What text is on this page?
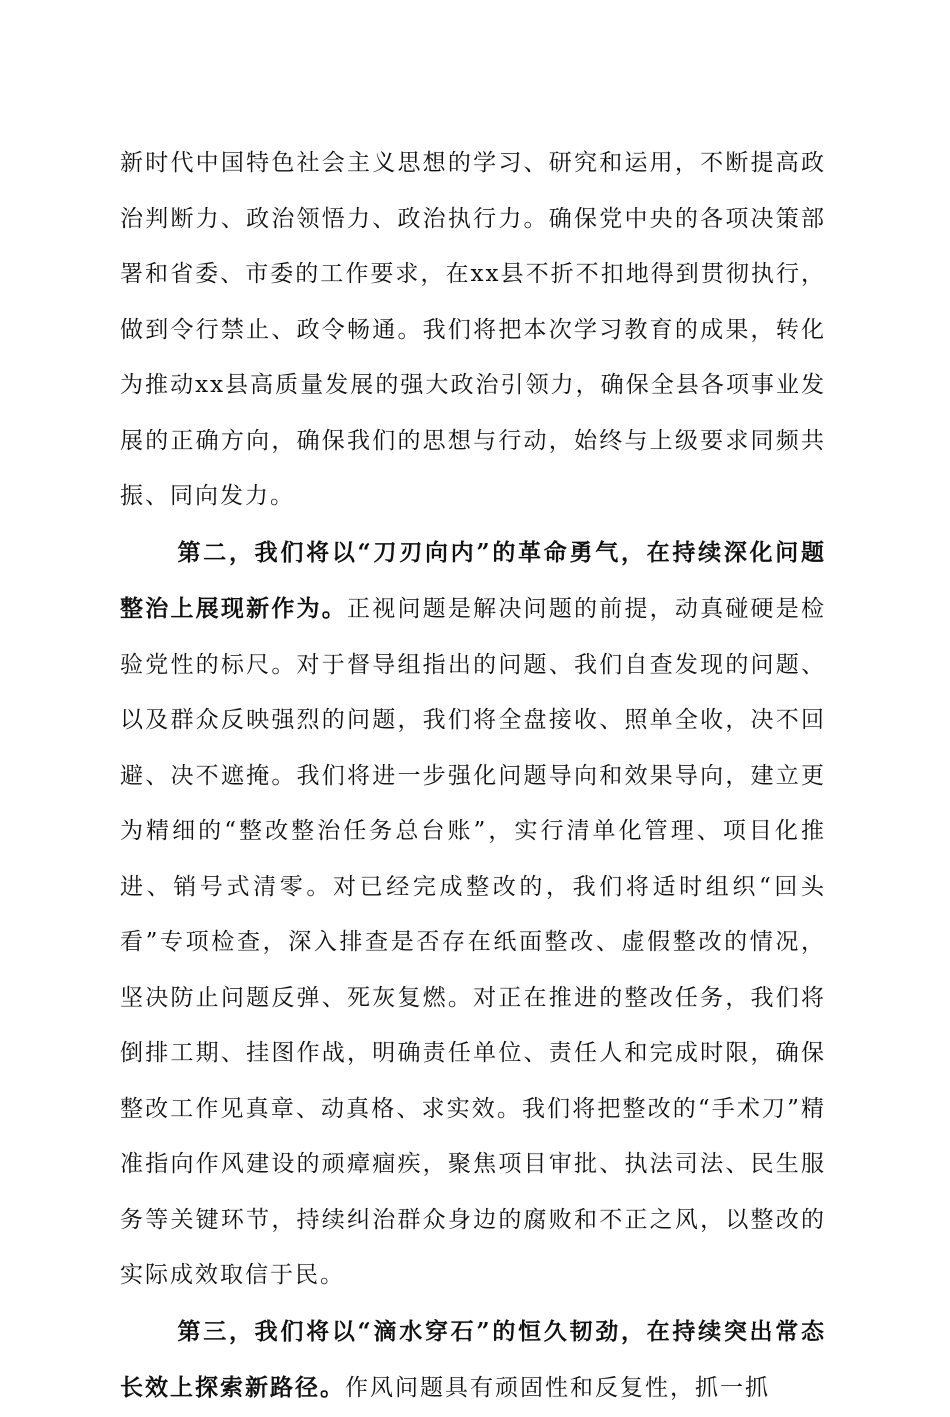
新时代中国特色社会主义思想的学习、研究和运用，不断提高政治判断力、政治领悟力、政治执行力。确保党中央的各项决策部署和省委、市委的工作要求，在xx县不折不扣地得到贯彻执行，做到令行禁止、政令畅通。我们将把本次学习教育的成果，转化为推动xx县高质量发展的强大政治引领力，确保全县各项事业发展的正确方向，确保我们的思想与行动，始终与上级要求同频共振、同向发力。

第二，我们将以“刀刃向内”的革命勇气，在持续深化问题整治上展现新作为。正视问题是解决问题的前提，动真碰硬是检验党性的标尺。对于督导组指出的问题、我们自查发现的问题、以及群众反映强烈的问题，我们将全盘接收、照单全收，决不回避、决不遮掩。我们将进一步强化问题导向和效果导向，建立更为精细的“整改整治任务总台账”，实行清单化管理、项目化推进、销号式清零。对已经完成整改的，我们将适时组织“回头看”专项检查，深入排查是否存在纸面整改、虚假整改的情况，坚决防止问题反弹、死灰复燃。对正在推进的整改任务，我们将倒排工期、挂图作战，明确责任单位、责任人和完成时限，确保整改工作见真章、动真格、求实效。我们将把整改的“手术刀”精准指向作风建设的顽瘴痼疾，聚焦项目审批、执法司法、民生服务等关键环节，持续纠治群众身边的腐败和不正之风，以整改的实际成效取信于民。

第三，我们将以“滴水穿石”的恒久韧劲，在持续突出常态长效上探索新路径。作风问题具有顽固性和反复性，抓一抓
